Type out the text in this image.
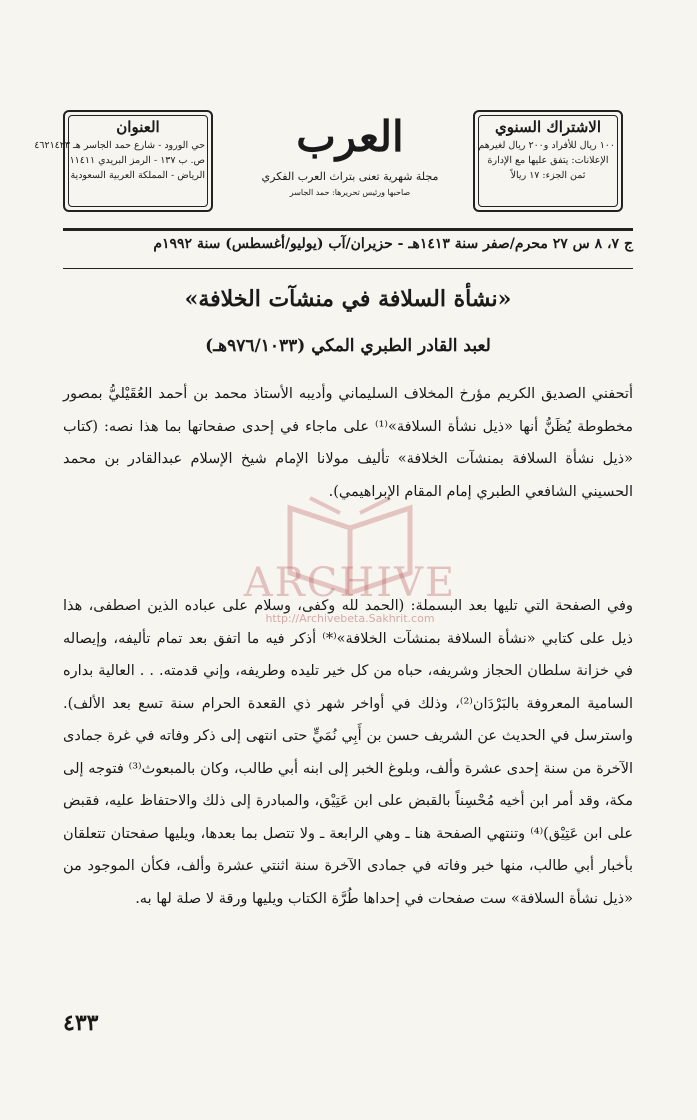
الاشتراك السنوي
١٠٠ ريال للأفراد و٢٠٠ ريال لغيرهم
الإعلانات: يتفق عليها مع الإدارة
ثمن الجزء: ١٧ ريالاً
العرب
مجلة شهرية تعنى بتراث العرب الفكري
صاحبها ورئيس تحريرها: حمد الجاسر
العنوان
حي الورود - شارع حمد الجاسر هـ ٤٦٢١٤٢٣
ص. ب ١٣٧ - الرمز البريدي ١١٤١١
الرياض - المملكة العربية السعودية
ج ٧، ٨ س ٢٧ محرم/صفر سنة ١٤١٣هـ - حزيران/آب (يوليو/أغسطس) سنة ١٩٩٢م
«نشأة السلافة في منشآت الخلافة»
لعبد القادر الطبري المكي (٩٧٦/١٠٣٣هـ)
ARCHIVE
http://Archivebeta.Sakhrit.com
أتحفني الصديق الكريم مؤرخ المخلاف السليماني وأديبه الأستاذ محمد بن أحمد العُقَيْليُّ بمصور مخطوطة يُظَنُّ أنها «ذيل نشأة السلافة»⁽¹⁾ على ماجاء في إحدى صفحاتها بما هذا نصه: (كتاب «ذيل نشأة السلافة بمنشآت الخلافة» تأليف مولانا الإمام شيخ الإسلام عبدالقادر بن محمد الحسيني الشافعي الطبري إمام المقام الإبراهيمي).
وفي الصفحة التي تليها بعد البسملة: (الحمد لله وكفى، وسلام على عباده الذين اصطفى، هذا ذيل على كتابي «نشأة السلافة بمنشآت الخلافة»⁽*⁾ أذكر فيه ما اتفق بعد تمام تأليفه، وإيصاله في خزانة سلطان الحجاز وشريفه، حباه من كل خير تليده وطريفه، وإني قدمته. . . العالية بداره السامية المعروفة بالبَرْدَان⁽²⁾، وذلك في أواخر شهر ذي القعدة الحرام سنة تسع بعد الألف). واسترسل في الحديث عن الشريف حسن بن أَبِي نُمَيٍّ حتى انتهى إلى ذكر وفاته في غرة جمادى الآخرة من سنة إحدى عشرة وألف، وبلوغ الخبر إلى ابنه أبي طالب، وكان بالمبعوث⁽³⁾ فتوجه إلى مكة، وقد أمر ابن أخيه مُحْسِناً بالقبض على ابن عَتِيْق، والمبادرة إلى ذلك والاحتفاظ عليه، فقبض على ابن عَتِيْق)⁽⁴⁾ وتنتهي الصفحة هنا ـ وهي الرابعة ـ ولا تتصل بما بعدها، ويليها صفحتان تتعلقان بأخبار أبي طالب، منها خبر وفاته في جمادى الآخرة سنة اثنتي عشرة وألف، فكأن الموجود من «ذيل نشأة السلافة» ست صفحات في إحداها طُرَّة الكتاب ويليها ورقة لا صلة لها به.
٤٣٣
